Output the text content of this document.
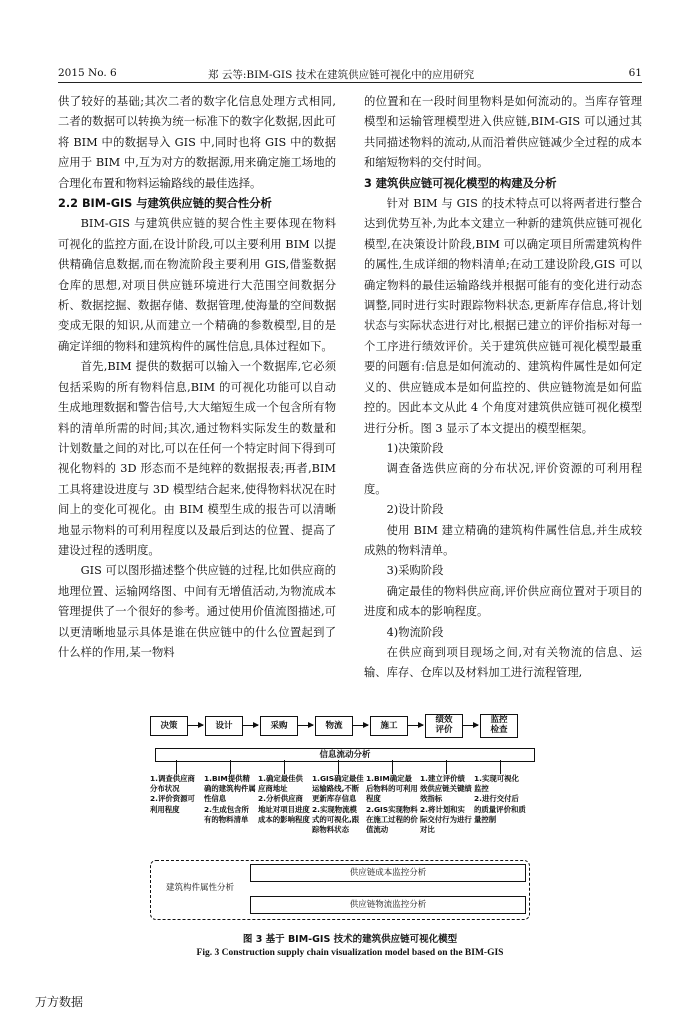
2015 No. 6	郑 云等:BIM-GIS 技术在建筑供应链可视化中的应用研究	61

供了较好的基础;其次二者的数字化信息处理方式相同,二者的数据可以转换为统一标准下的数字化数据,因此可将 BIM 中的数据导入 GIS 中,同时也将 GIS 中的数据应用于 BIM 中,互为对方的数据源,用来确定施工场地的合理化布置和物料运输路线的最佳选择。

2.2 BIM-GIS 与建筑供应链的契合性分析

BIM-GIS 与建筑供应链的契合性主要体现在物料可视化的监控方面,在设计阶段,可以主要利用 BIM 以提供精确信息数据,而在物流阶段主要利用 GIS,借鉴数据仓库的思想,对项目供应链环境进行大范围空间数据分析、数据挖掘、数据存储、数据管理,使海量的空间数据变成无限的知识,从而建立一个精确的参数模型,目的是确定详细的物料和建筑构件的属性信息,具体过程如下。

首先,BIM 提供的数据可以输入一个数据库,它必须包括采购的所有物料信息,BIM 的可视化功能可以自动生成地理数据和警告信号,大大缩短生成一个包含所有物料的清单所需的时间;其次,通过物料实际发生的数量和计划数量之间的对比,可以在任何一个特定时间下得到可视化物料的 3D 形态而不是纯粹的数据报表;再者,BIM 工具将建设进度与 3D 模型结合起来,使得物料状况在时间上的变化可视化。由 BIM 模型生成的报告可以清晰地显示物料的可利用程度以及最后到达的位置、提高了建设过程的透明度。

GIS 可以图形描述整个供应链的过程,比如供应商的地理位置、运输网络图、中间有无增值活动,为物流成本管理提供了一个很好的参考。通过使用价值流图描述,可以更清晰地显示具体是谁在供应链中的什么位置起到了什么样的作用,某一物料

的位置和在一段时间里物料是如何流动的。当库存管理模型和运输管理模型进入供应链,BIM-GIS 可以通过其共同描述物料的流动,从而沿着供应链减少全过程的成本和缩短物料的交付时间。

3 建筑供应链可视化模型的构建及分析

针对 BIM 与 GIS 的技术特点可以将两者进行整合达到优势互补,为此本文建立一种新的建筑供应链可视化模型,在决策设计阶段,BIM 可以确定项目所需建筑构件的属性,生成详细的物料清单;在动工建设阶段,GIS 可以确定物料的最佳运输路线并根据可能有的变化进行动态调整,同时进行实时跟踪物料状态,更新库存信息,将计划状态与实际状态进行对比,根据已建立的评价指标对每一个工序进行绩效评价。关于建筑供应链可视化模型最重要的问题有:信息是如何流动的、建筑构件属性是如何定义的、供应链成本是如何监控的、供应链物流是如何监控的。因此本文从此 4 个角度对建筑供应链可视化模型进行分析。图 3 显示了本文提出的模型框架。

1)决策阶段

调查备选供应商的分布状况,评价资源的可利用程度。

2)设计阶段

使用 BIM 建立精确的建筑构件属性信息,并生成较成熟的物料清单。

3)采购阶段

确定最佳的物料供应商,评价供应商位置对于项目的进度和成本的影响程度。

4)物流阶段

在供应商到项目现场之间,对有关物流的信息、运输、库存、仓库以及材料加工进行流程管理,

决策	设计	采购	物流	施工
绩效
评价
监控
检查
信息流动分析
1.调查供应商分布状况
2.评价资源可利用程度
1.BIM提供精确的建筑构件属性信息
2.生成包含所有的物料清单
1.确定最佳供应商地址
2.分析供应商地址对项目进度成本的影响程度
1.GIS确定最佳运输路线,不断更新库存信息
2.实现物流模式的可视化,跟踪物料状态
1.BIM确定最后物料的可利用程度
2.GIS实现物料在施工过程的价值流动
1.建立评价绩效供应链关键绩效指标
2.将计划和实际交付行为进行对比
1.实现可视化监控
2.进行交付后的质量评价和质量控制
建筑构件属性分析
供应链成本监控分析
供应链物流监控分析
图 3 基于 BIM-GIS 技术的建筑供应链可视化模型
Fig. 3 Construction supply chain visualization model based on the BIM-GIS
万方数据
